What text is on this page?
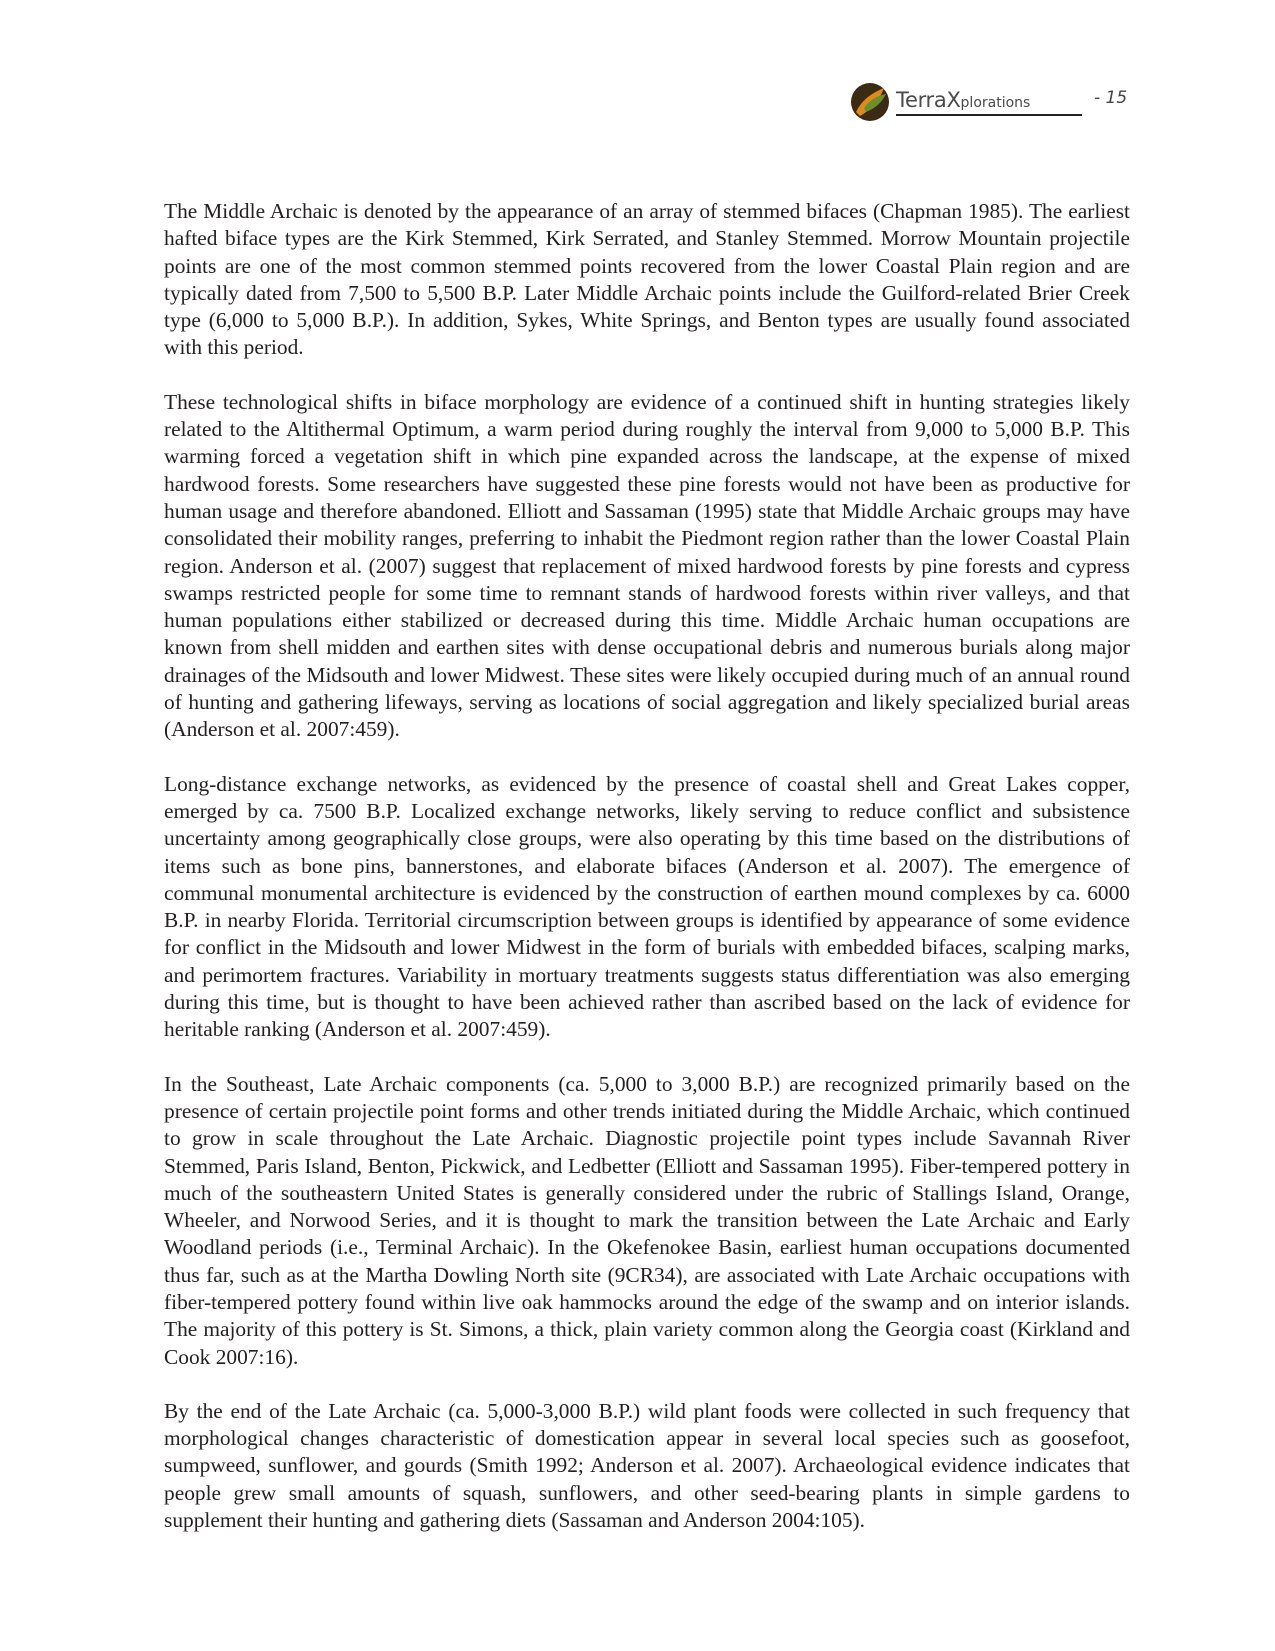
TerraXplorations	- 15

The Middle Archaic is denoted by the appearance of an array of stemmed bifaces (Chapman 1985). The earliest hafted biface types are the Kirk Stemmed, Kirk Serrated, and Stanley Stemmed. Morrow Mountain projectile points are one of the most common stemmed points recovered from the lower Coastal Plain region and are typically dated from 7,500 to 5,500 B.P. Later Middle Archaic points include the Guilford-related Brier Creek type (6,000 to 5,000 B.P.). In addition, Sykes, White Springs, and Benton types are usually found associated with this period.

These technological shifts in biface morphology are evidence of a continued shift in hunting strategies likely related to the Altithermal Optimum, a warm period during roughly the interval from 9,000 to 5,000 B.P. This warming forced a vegetation shift in which pine expanded across the landscape, at the expense of mixed hardwood forests. Some researchers have suggested these pine forests would not have been as productive for human usage and therefore abandoned. Elliott and Sassaman (1995) state that Middle Archaic groups may have consolidated their mobility ranges, preferring to inhabit the Piedmont region rather than the lower Coastal Plain region. Anderson et al. (2007) suggest that replacement of mixed hardwood forests by pine forests and cypress swamps restricted people for some time to remnant stands of hardwood forests within river valleys, and that human populations either stabilized or decreased during this time. Middle Archaic human occupations are known from shell midden and earthen sites with dense occupational debris and numerous burials along major drainages of the Midsouth and lower Midwest. These sites were likely occupied during much of an annual round of hunting and gathering lifeways, serving as locations of social aggregation and likely specialized burial areas (Anderson et al. 2007:459).

Long-distance exchange networks, as evidenced by the presence of coastal shell and Great Lakes copper, emerged by ca. 7500 B.P. Localized exchange networks, likely serving to reduce conflict and subsistence uncertainty among geographically close groups, were also operating by this time based on the distributions of items such as bone pins, bannerstones, and elaborate bifaces (Anderson et al. 2007). The emergence of communal monumental architecture is evidenced by the construction of earthen mound complexes by ca. 6000 B.P. in nearby Florida. Territorial circumscription between groups is identified by appearance of some evidence for conflict in the Midsouth and lower Midwest in the form of burials with embedded bifaces, scalping marks, and perimortem fractures. Variability in mortuary treatments suggests status differentiation was also emerging during this time, but is thought to have been achieved rather than ascribed based on the lack of evidence for heritable ranking (Anderson et al. 2007:459).

In the Southeast, Late Archaic components (ca. 5,000 to 3,000 B.P.) are recognized primarily based on the presence of certain projectile point forms and other trends initiated during the Middle Archaic, which continued to grow in scale throughout the Late Archaic. Diagnostic projectile point types include Savannah River Stemmed, Paris Island, Benton, Pickwick, and Ledbetter (Elliott and Sassaman 1995). Fiber-tempered pottery in much of the southeastern United States is generally considered under the rubric of Stallings Island, Orange, Wheeler, and Norwood Series, and it is thought to mark the transition between the Late Archaic and Early Woodland periods (i.e., Terminal Archaic). In the Okefenokee Basin, earliest human occupations documented thus far, such as at the Martha Dowling North site (9CR34), are associated with Late Archaic occupations with fiber-tempered pottery found within live oak hammocks around the edge of the swamp and on interior islands. The majority of this pottery is St. Simons, a thick, plain variety common along the Georgia coast (Kirkland and Cook 2007:16).

By the end of the Late Archaic (ca. 5,000-3,000 B.P.) wild plant foods were collected in such frequency that morphological changes characteristic of domestication appear in several local species such as goosefoot, sumpweed, sunflower, and gourds (Smith 1992; Anderson et al. 2007). Archaeological evidence indicates that people grew small amounts of squash, sunflowers, and other seed-bearing plants in simple gardens to supplement their hunting and gathering diets (Sassaman and Anderson 2004:105).
